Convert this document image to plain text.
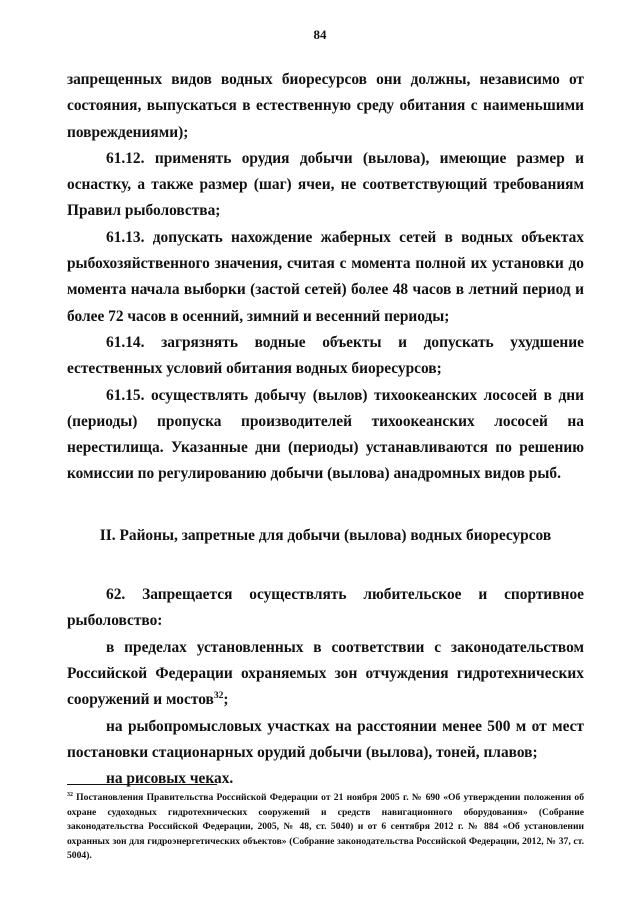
84

запрещенных видов водных биоресурсов они должны, независимо от состояния, выпускаться в естественную среду обитания с наименьшими повреждениями);

61.12. применять орудия добычи (вылова), имеющие размер и оснастку, а также размер (шаг) ячеи, не соответствующий требованиям Правил рыболовства;

61.13. допускать нахождение жаберных сетей в водных объектах рыбохозяйственного значения, считая с момента полной их установки до момента начала выборки (застой сетей) более 48 часов в летний период и более 72 часов в осенний, зимний и весенний периоды;

61.14. загрязнять водные объекты и допускать ухудшение естественных условий обитания водных биоресурсов;

61.15. осуществлять добычу (вылов) тихоокеанских лососей в дни (периоды) пропуска производителей тихоокеанских лососей на нерестилища. Указанные дни (периоды) устанавливаются по решению комиссии по регулированию добычи (вылова) анадромных видов рыб.

II. Районы, запретные для добычи (вылова) водных биоресурсов

62. Запрещается осуществлять любительское и спортивное рыболовство:

в пределах установленных в соответствии с законодательством Российской Федерации охраняемых зон отчуждения гидротехнических сооружений и мостов$^{32}$;

на рыбопромысловых участках на расстоянии менее 500 м от мест постановки стационарных орудий добычи (вылова), тоней, плавов;

на рисовых чеках.

$^{32}$ Постановления Правительства Российской Федерации от 21 ноября 2005 г. № 690 «Об утверждении положения об охране судоходных гидротехнических сооружений и средств навигационного оборудования» (Собрание законодательства Российской Федерации, 2005, № 48, ст. 5040) и от 6 сентября 2012 г. № 884 «Об установлении охранных зон для гидроэнергетических объектов» (Собрание законодательства Российской Федерации, 2012, № 37, ст. 5004).
